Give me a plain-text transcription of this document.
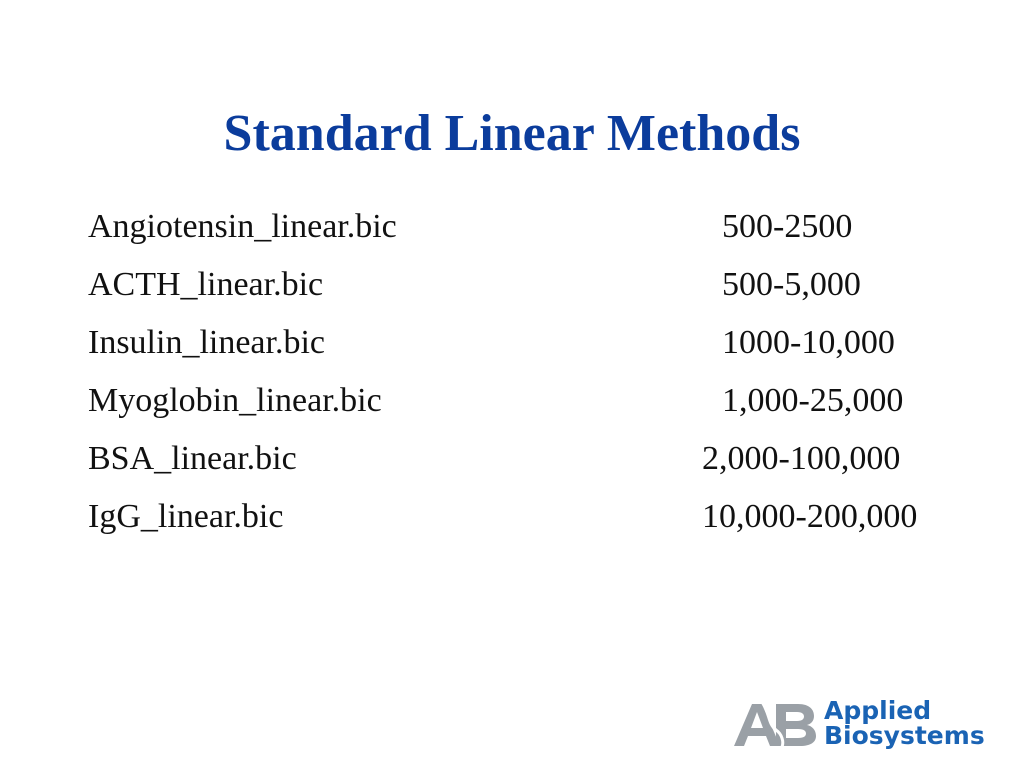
Standard Linear Methods
Angiotensin_linear.bic	500-2500
ACTH_linear.bic	500-5,000
Insulin_linear.bic	1000-10,000
Myoglobin_linear.bic	1,000-25,000
BSA_linear.bic	2,000-100,000
IgG_linear.bic	10,000-200,000
Applied
Biosystems
